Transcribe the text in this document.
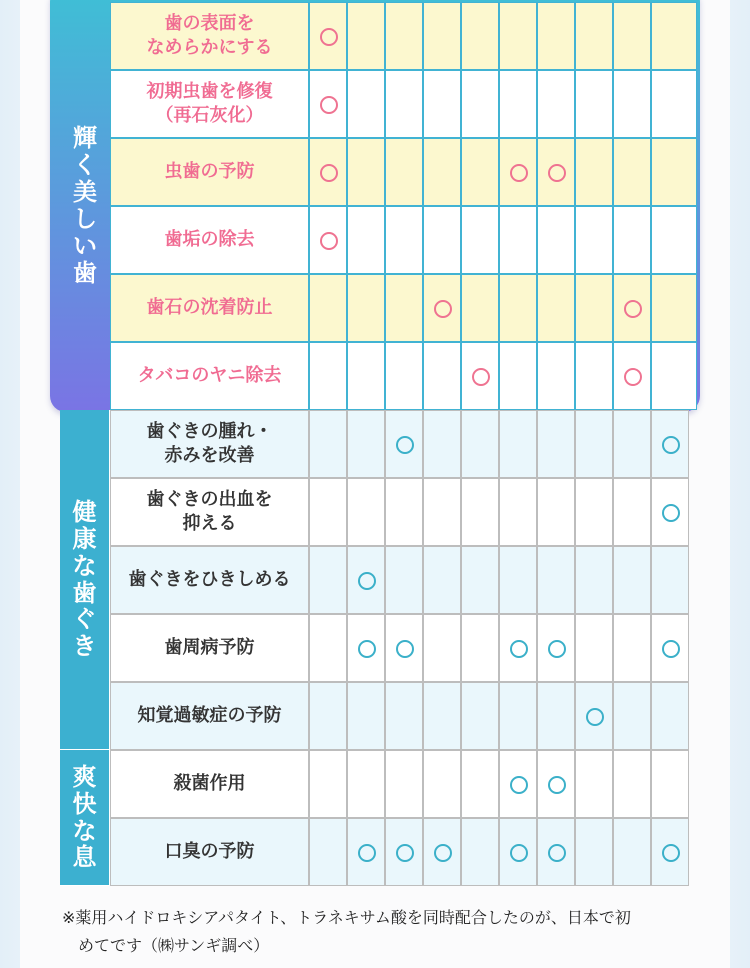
輝く美しい歯
歯の表面を
なめらかにする
初期虫歯を修復
（再石灰化）
虫歯の予防
歯垢の除去
歯石の沈着防止
タバコのヤニ除去
健康な歯ぐき
歯ぐきの腫れ・
赤みを改善
歯ぐきの出血を
抑える
歯ぐきをひきしめる
歯周病予防
知覚過敏症の予防
爽快な息
殺菌作用
口臭の予防
※薬用ハイドロキシアパタイト、トラネキサム酸を同時配合したのが、日本で初
　めてです（㈱サンギ調べ）
